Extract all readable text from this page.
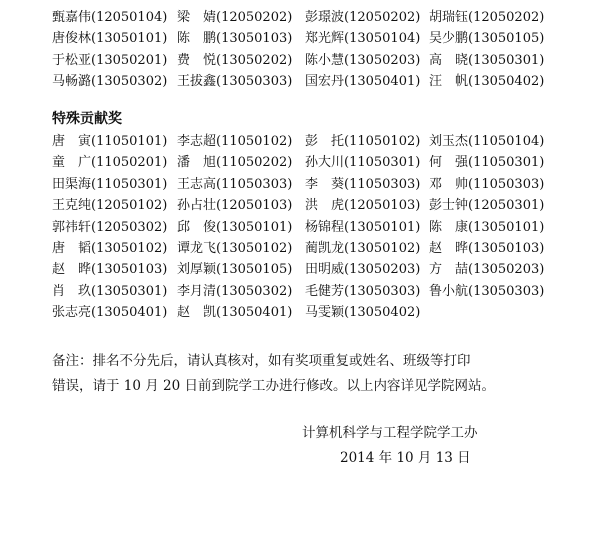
甄嘉伟(12050104) 梁　婧(12050202) 彭璟波(12050202) 胡瑞钰(12050202)
唐俊林(13050101) 陈　鹏(13050103) 郑光辉(13050104) 吴少鹏(13050105)
于松亚(13050201) 费　悦(13050202) 陈小慧(13050203) 高　晓(13050301)
马畅潞(13050302) 王拔鑫(13050303) 国宏丹(13050401) 汪　帆(13050402)
特殊贡献奖
唐　寅(11050101) 李志超(11050102) 彭　托(11050102) 刘玉杰(11050104)
童　广(11050201) 潘　旭(11050202) 孙大川(11050301) 何　强(11050301)
田渠海(11050301) 王志高(11050303) 李　葵(11050303) 邓　帅(11050303)
王克纯(12050102) 孙占壮(12050103) 洪　虎(12050103) 彭士钟(12050301)
郭祎轩(12050302) 邱　俊(13050101) 杨锦程(13050101) 陈　康(13050101)
唐　韬(13050102) 谭龙飞(13050102) 蔺凯龙(13050102) 赵　晔(13050103)
赵　晔(13050103) 刘厚颖(13050105) 田明威(13050203) 方　喆(13050203)
肖　玖(13050301) 李月清(13050302) 毛健芳(13050303) 鲁小航(13050303)
张志亮(13050401) 赵　凯(13050401) 马雯颖(13050402)

备注：排名不分先后，请认真核对，如有奖项重复或姓名、班级等打印

错误，请于 10 月 20 日前到院学工办进行修改。以上内容详见学院网站。

计算机科学与工程学院学工办

2014 年 10 月 13 日
